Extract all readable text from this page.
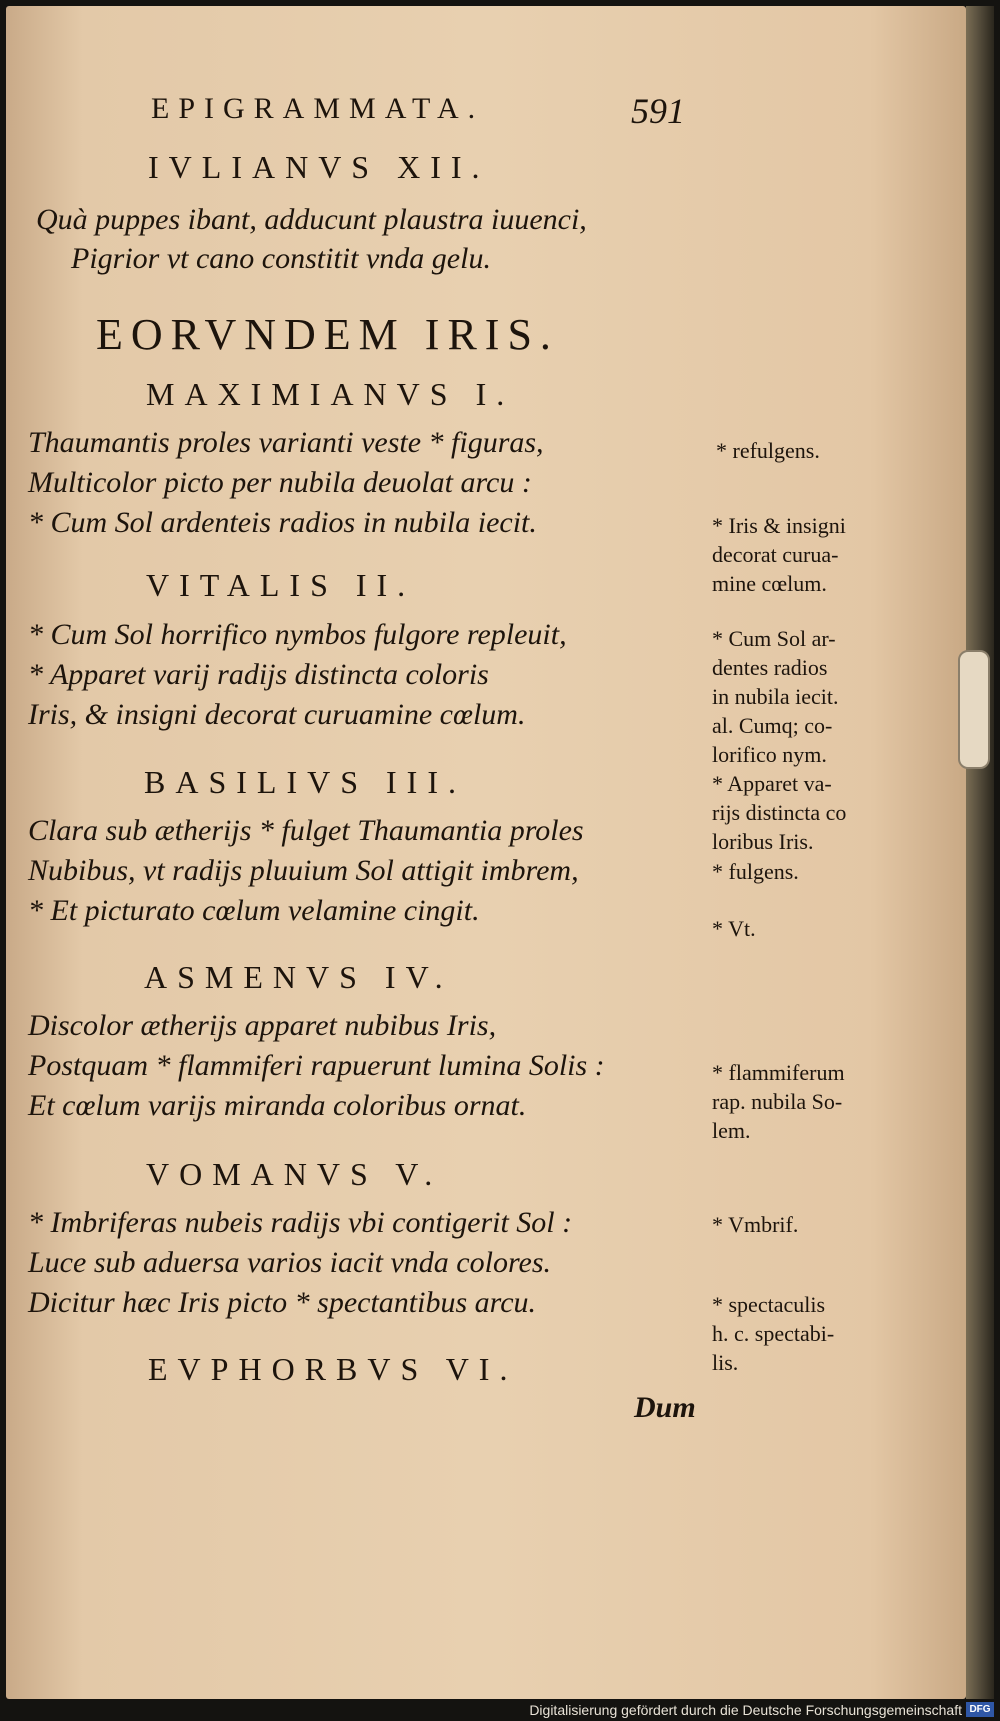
EPIGRAMMATA.	591
IVLIANVS XII.
Quà puppes ibant, adducunt plaustra iuuenci,
Pigrior vt cano constitit vnda gelu.
EORVNDEM IRIS.
MAXIMIANVS I.
Thaumantis proles varianti veste * figuras,
Multicolor picto per nubila deuolat arcu :
* Cum Sol ardenteis radios in nubila iecit.
VITALIS II.
* Cum Sol horrifico nymbos fulgore repleuit,
* Apparet varij radijs distincta coloris
Iris, & insigni decorat curuamine cœlum.
BASILIVS III.
Clara sub ætherijs * fulget Thaumantia proles
Nubibus, vt radijs pluuium Sol attigit imbrem,
* Et picturato cœlum velamine cingit.
ASMENVS IV.
Discolor ætherijs apparet nubibus Iris,
Postquam * flammiferi rapuerunt lumina Solis :
Et cœlum varijs miranda coloribus ornat.
VOMANVS V.
* Imbriferas nubeis radijs vbi contigerit Sol :
Luce sub aduersa varios iacit vnda colores.
Dicitur hæc Iris picto * spectantibus arcu.
EVPHORBVS VI.
Dum
* refulgens.
* Iris & insigni
decorat curua-
mine cœlum.
* Cum Sol ar-
dentes radios
in nubila iecit.
al. Cumq; co-
lorifico nym.
* Apparet va-
rijs distincta co
loribus Iris.
* fulgens.
* Vt.
* flammiferum
rap. nubila So-
lem.
* Vmbrif.
* spectaculis
h. c. spectabi-
lis.
Digitalisierung gefördert durch die Deutsche Forschungsgemeinschaft DFG
